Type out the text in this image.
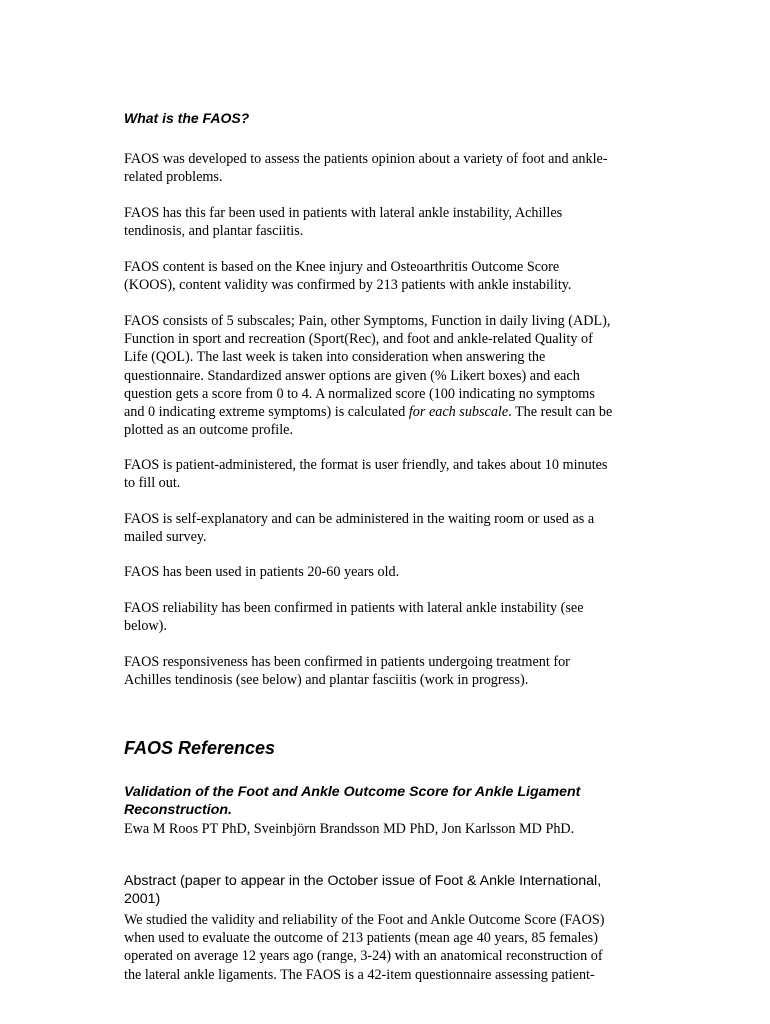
What is the FAOS?

FAOS was developed to assess the patients opinion about a variety of foot and ankle-
related problems.

FAOS has this far been used in patients with lateral ankle instability, Achilles
tendinosis, and plantar fasciitis.

FAOS content is based on the Knee injury and Osteoarthritis Outcome Score
(KOOS), content validity was confirmed by 213 patients with ankle instability.

FAOS consists of 5 subscales; Pain, other Symptoms, Function in daily living (ADL),
Function in sport and recreation (Sport(Rec), and foot and ankle-related Quality of
Life (QOL). The last week is taken into consideration when answering the
questionnaire. Standardized answer options are given (% Likert boxes) and each
question gets a score from 0 to 4. A normalized score (100 indicating no symptoms
and 0 indicating extreme symptoms) is calculated for each subscale. The result can be
plotted as an outcome profile.

FAOS is patient-administered, the format is user friendly, and takes about 10 minutes
to fill out.

FAOS is self-explanatory and can be administered in the waiting room or used as a
mailed survey.

FAOS has been used in patients 20-60 years old.

FAOS reliability has been confirmed in patients with lateral ankle instability (see
below).

FAOS responsiveness has been confirmed in patients undergoing treatment for
Achilles tendinosis (see below) and plantar fasciitis (work in progress).

FAOS References

Validation of the Foot and Ankle Outcome Score for Ankle Ligament
Reconstruction.

Ewa M Roos PT PhD, Sveinbjörn Brandsson MD PhD, Jon Karlsson MD PhD.

Abstract (paper to appear in the October issue of Foot & Ankle International,
2001)

We studied the validity and reliability of the Foot and Ankle Outcome Score (FAOS)
when used to evaluate the outcome of 213 patients (mean age 40 years, 85 females)
operated on average 12 years ago (range, 3-24) with an anatomical reconstruction of
the lateral ankle ligaments. The FAOS is a 42-item questionnaire assessing patient-
